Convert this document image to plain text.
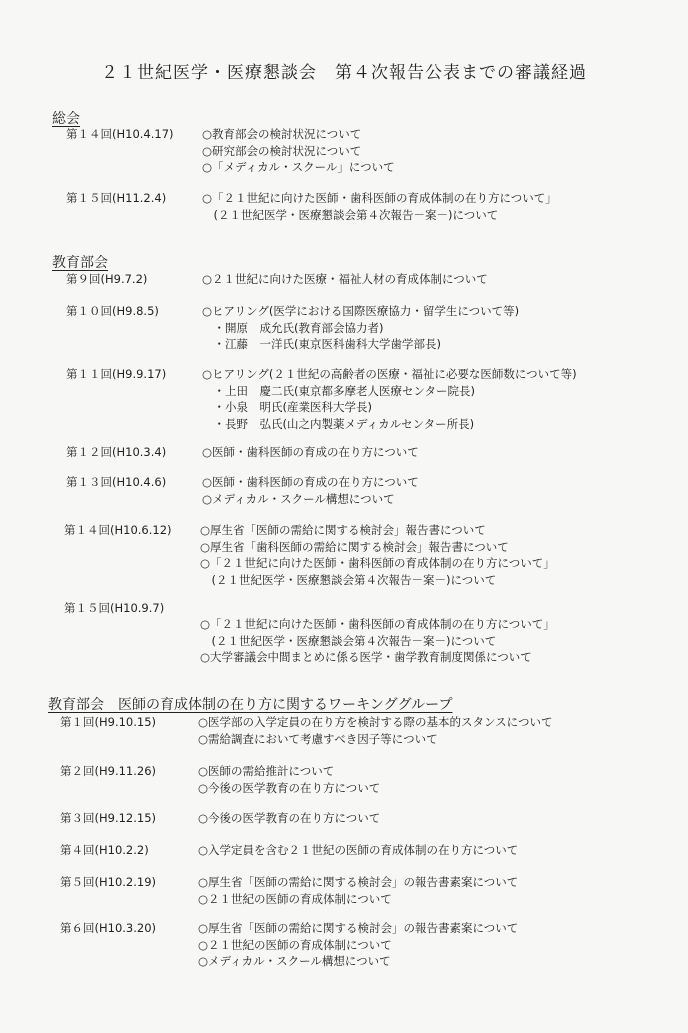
２１世紀医学・医療懇談会　第４次報告公表までの審議経過
総会
第１４回(H10.4.17) ○教育部会の検討状況について
○研究部会の検討状況について
○「メディカル・スクール」について
第１５回(H11.2.4)	○「２１世紀に向けた医師・歯科医師の育成体制の在り方について」
　(２１世紀医学・医療懇談会第４次報告－案－)について
教育部会
第９回(H9.7.2)	○２１世紀に向けた医療・福祉人材の育成体制について
第１０回(H9.8.5)	○ヒアリング(医学における国際医療協力・留学生について等)
　・開原　成允氏(教育部会協力者)
　・江藤　一洋氏(東京医科歯科大学歯学部長)
第１１回(H9.9.17)	○ヒアリング(２１世紀の高齢者の医療・福祉に必要な医師数について等)
　・上田　慶二氏(東京都多摩老人医療センター院長)
　・小泉　明氏(産業医科大学長)
　・長野　弘氏(山之内製薬メディカルセンター所長)
第１２回(H10.3.4)	○医師・歯科医師の育成の在り方について
第１３回(H10.4.6)	○医師・歯科医師の育成の在り方について
○メディカル・スクール構想について
第１４回(H10.6.12) ○厚生省「医師の需給に関する検討会」報告書について
○厚生省「歯科医師の需給に関する検討会」報告書について
○「２１世紀に向けた医師・歯科医師の育成体制の在り方について」
　(２１世紀医学・医療懇談会第４次報告－案－)について
第１５回(H10.9.7)
○「２１世紀に向けた医師・歯科医師の育成体制の在り方について」
　(２１世紀医学・医療懇談会第４次報告－案－)について
○大学審議会中間まとめに係る医学・歯学教育制度関係について
教育部会　医師の育成体制の在り方に関するワーキンググループ
第１回(H9.10.15)	○医学部の入学定員の在り方を検討する際の基本的スタンスについて
○需給調査において考慮すべき因子等について
第２回(H9.11.26)	○医師の需給推計について
○今後の医学教育の在り方について
第３回(H9.12.15)	○今後の医学教育の在り方について
第４回(H10.2.2)	○入学定員を含む２１世紀の医師の育成体制の在り方について
第５回(H10.2.19)	○厚生省「医師の需給に関する検討会」の報告書素案について
○２１世紀の医師の育成体制について
第６回(H10.3.20)	○厚生省「医師の需給に関する検討会」の報告書素案について
○２１世紀の医師の育成体制について
○メディカル・スクール構想について
